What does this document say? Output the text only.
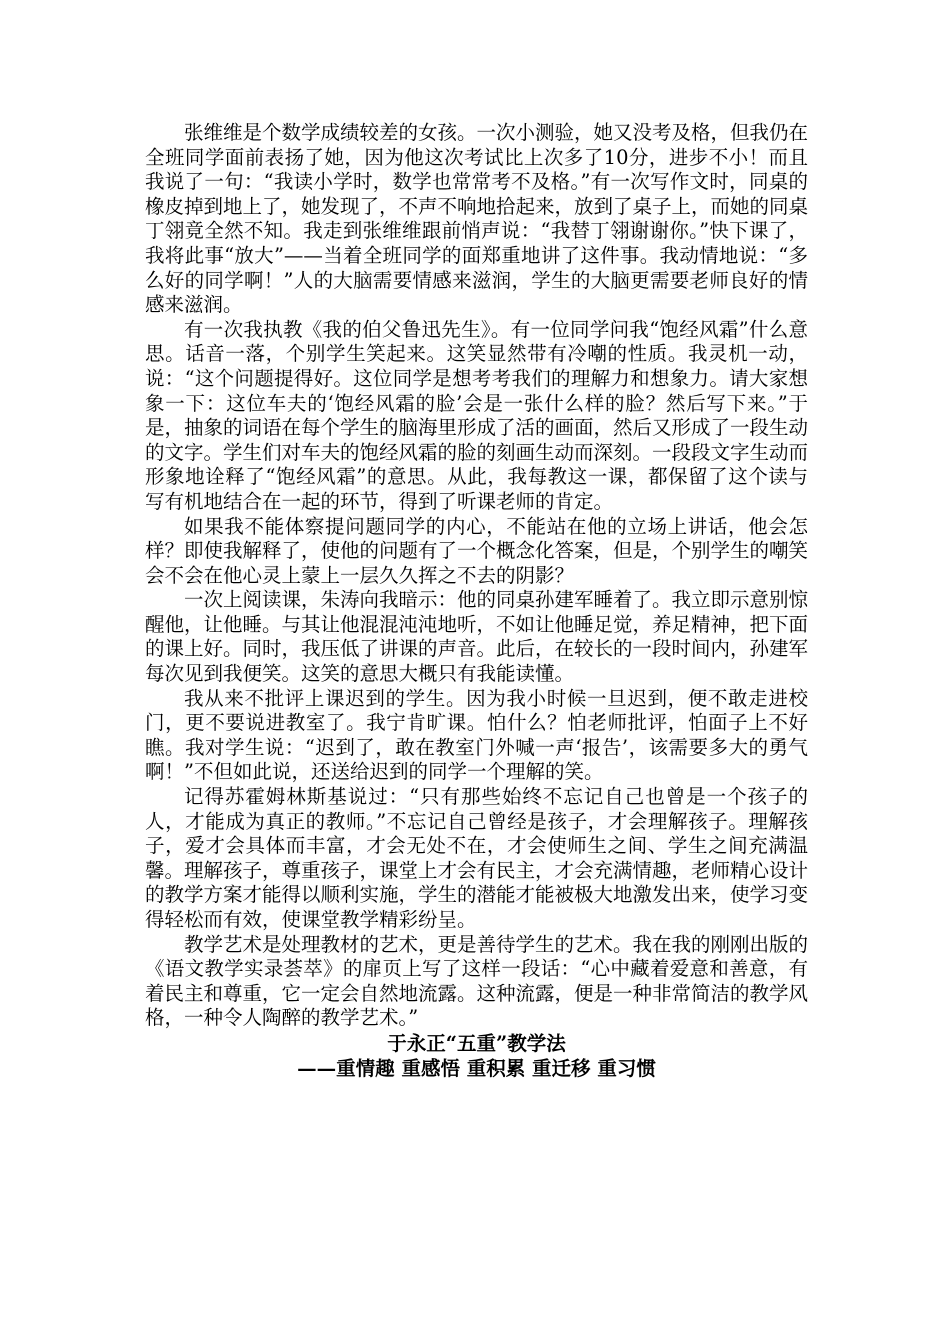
张维维是个数学成绩较差的女孩。一次小测验，她又没考及格，但我仍在全班同学面前表扬了她，因为他这次考试比上次多了10分，进步不小！而且我说了一句：“我读小学时，数学也常常考不及格。”有一次写作文时，同桌的橡皮掉到地上了，她发现了，不声不响地拾起来，放到了桌子上，而她的同桌丁翎竟全然不知。我走到张维维跟前悄声说：“我替丁翎谢谢你。”快下课了，我将此事“放大”——当着全班同学的面郑重地讲了这件事。我动情地说：“多么好的同学啊！”人的大脑需要情感来滋润，学生的大脑更需要老师良好的情感来滋润。

有一次我执教《我的伯父鲁迅先生》。有一位同学问我“饱经风霜”什么意思。话音一落，个别学生笑起来。这笑显然带有冷嘲的性质。我灵机一动，说：“这个问题提得好。这位同学是想考考我们的理解力和想象力。请大家想象一下：这位车夫的‘饱经风霜的脸’会是一张什么样的脸？然后写下来。”于是，抽象的词语在每个学生的脑海里形成了活的画面，然后又形成了一段生动的文字。学生们对车夫的饱经风霜的脸的刻画生动而深刻。一段段文字生动而形象地诠释了“饱经风霜”的意思。从此，我每教这一课，都保留了这个读与写有机地结合在一起的环节，得到了听课老师的肯定。

如果我不能体察提问题同学的内心，不能站在他的立场上讲话，他会怎样？即使我解释了，使他的问题有了一个概念化答案，但是，个别学生的嘲笑会不会在他心灵上蒙上一层久久挥之不去的阴影？

一次上阅读课，朱涛向我暗示：他的同桌孙建军睡着了。我立即示意别惊醒他，让他睡。与其让他混混沌沌地听，不如让他睡足觉，养足精神，把下面的课上好。同时，我压低了讲课的声音。此后，在较长的一段时间内，孙建军每次见到我便笑。这笑的意思大概只有我能读懂。

我从来不批评上课迟到的学生。因为我小时候一旦迟到，便不敢走进校门，更不要说进教室了。我宁肯旷课。怕什么？怕老师批评，怕面子上不好瞧。我对学生说：“迟到了，敢在教室门外喊一声‘报告’，该需要多大的勇气啊！”不但如此说，还送给迟到的同学一个理解的笑。

记得苏霍姆林斯基说过：“只有那些始终不忘记自己也曾是一个孩子的人，才能成为真正的教师。”不忘记自己曾经是孩子，才会理解孩子。理解孩子，爱才会具体而丰富，才会无处不在，才会使师生之间、学生之间充满温馨。理解孩子，尊重孩子，课堂上才会有民主，才会充满情趣，老师精心设计的教学方案才能得以顺利实施，学生的潜能才能被极大地激发出来，使学习变得轻松而有效，使课堂教学精彩纷呈。

教学艺术是处理教材的艺术，更是善待学生的艺术。我在我的刚刚出版的《语文教学实录荟萃》的扉页上写了这样一段话：“心中藏着爱意和善意，有着民主和尊重，它一定会自然地流露。这种流露，便是一种非常简洁的教学风格，一种令人陶醉的教学艺术。”

于永正“五重”教学法

——重情趣 重感悟 重积累 重迁移 重习惯
